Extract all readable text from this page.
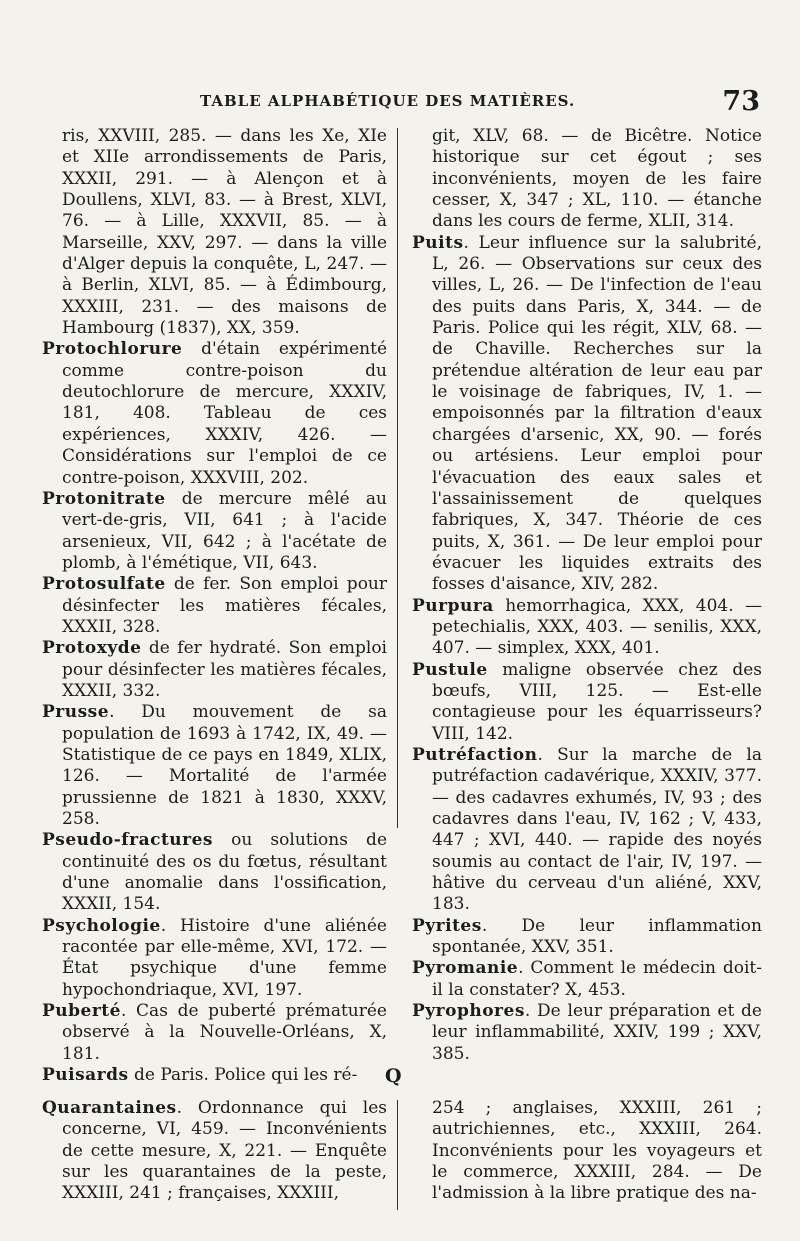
TABLE ALPHABÉTIQUE DES MATIÈRES.	73

ris, XXVIII, 285. — dans les Xe, XIe et XIIe arrondissements de Paris, XXXII, 291. — à Alençon et à Doullens, XLVI, 83. — à Brest, XLVI, 76. — à Lille, XXXVII, 85. — à Marseille, XXV, 297. — dans la ville d'Alger depuis la conquête, L, 247. — à Berlin, XLVI, 85. — à Édimbourg, XXXIII, 231. — des maisons de Hambourg (1837), XX, 359.

Protochlorure d'étain expérimenté comme contre-poison du deutochlorure de mercure, XXXIV, 181, 408. Tableau de ces expériences, XXXIV, 426. — Considérations sur l'emploi de ce contre-poison, XXXVIII, 202.

Protonitrate de mercure mêlé au vert-de-gris, VII, 641 ; à l'acide arsenieux, VII, 642 ; à l'acétate de plomb, à l'émétique, VII, 643.

Protosulfate de fer. Son emploi pour désinfecter les matières fécales, XXXII, 328.

Protoxyde de fer hydraté. Son emploi pour désinfecter les matières fécales, XXXII, 332.

Prusse. Du mouvement de sa population de 1693 à 1742, IX, 49. — Statistique de ce pays en 1849, XLIX, 126. — Mortalité de l'armée prussienne de 1821 à 1830, XXXV, 258.

Pseudo-fractures ou solutions de continuité des os du fœtus, résultant d'une anomalie dans l'ossification, XXXII, 154.

Psychologie. Histoire d'une aliénée racontée par elle-même, XVI, 172. — État psychique d'une femme hypochondriaque, XVI, 197.

Puberté. Cas de puberté prématurée observé à la Nouvelle-Orléans, X, 181.

Puisards de Paris. Police qui les ré-

git, XLV, 68. — de Bicêtre. Notice historique sur cet égout ; ses inconvénients, moyen de les faire cesser, X, 347 ; XL, 110. — étanche dans les cours de ferme, XLII, 314.

Puits. Leur influence sur la salubrité, L, 26. — Observations sur ceux des villes, L, 26. — De l'infection de l'eau des puits dans Paris, X, 344. — de Paris. Police qui les régit, XLV, 68. — de Chaville. Recherches sur la prétendue altération de leur eau par le voisinage de fabriques, IV, 1. — empoisonnés par la filtration d'eaux chargées d'arsenic, XX, 90. — forés ou artésiens. Leur emploi pour l'évacuation des eaux sales et l'assainissement de quelques fabriques, X, 347. Théorie de ces puits, X, 361. — De leur emploi pour évacuer les liquides extraits des fosses d'aisance, XIV, 282.

Purpura hemorrhagica, XXX, 404. — petechialis, XXX, 403. — senilis, XXX, 407. — simplex, XXX, 401.

Pustule maligne observée chez des bœufs, VIII, 125. — Est-elle contagieuse pour les équarrisseurs? VIII, 142.

Putréfaction. Sur la marche de la putréfaction cadavérique, XXXIV, 377. — des cadavres exhumés, IV, 93 ; des cadavres dans l'eau, IV, 162 ; V, 433, 447 ; XVI, 440. — rapide des noyés soumis au contact de l'air, IV, 197. — hâtive du cerveau d'un aliéné, XXV, 183.

Pyrites. De leur inflammation spontanée, XXV, 351.

Pyromanie. Comment le médecin doit-il la constater? X, 453.

Pyrophores. De leur préparation et de leur inflammabilité, XXIV, 199 ; XXV, 385.

Q

Quarantaines. Ordonnance qui les concerne, VI, 459. — Inconvénients de cette mesure, X, 221. — Enquête sur les quarantaines de la peste, XXXIII, 241 ; françaises, XXXIII,

254 ; anglaises, XXXIII, 261 ; autrichiennes, etc., XXXIII, 264. Inconvénients pour les voyageurs et le commerce, XXXIII, 284. — De l'admission à la libre pratique des na-
